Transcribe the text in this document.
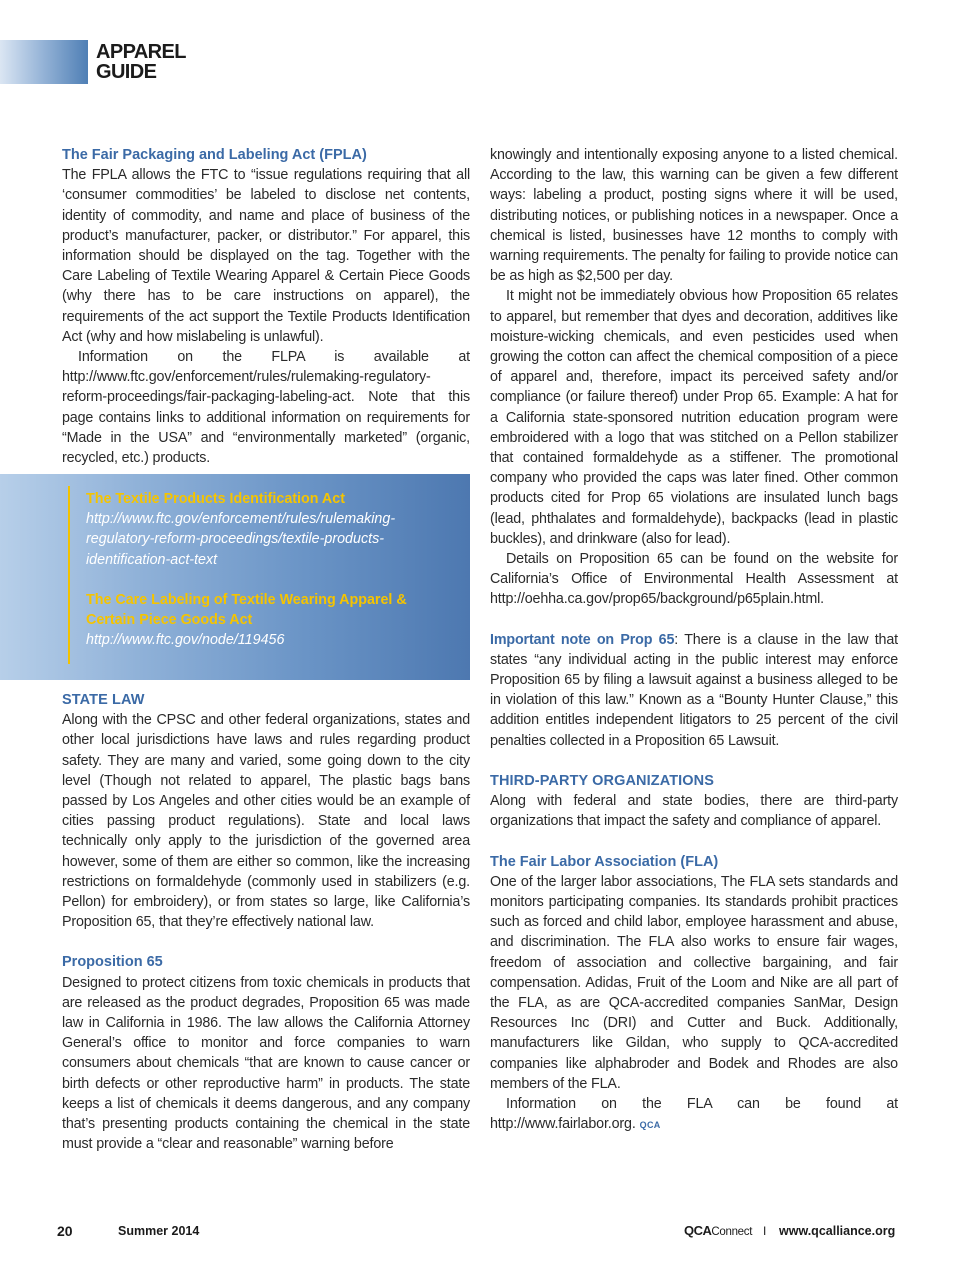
APPAREL
GUIDE
The Fair Packaging and Labeling Act (FPLA)

The FPLA allows the FTC to “issue regulations requiring that all ‘consumer commodities’ be labeled to disclose net contents, identity of commodity, and name and place of business of the product’s manufacturer, packer, or distributor.” For apparel, this information should be displayed on the tag. Together with the Care Labeling of Textile Wearing Apparel & Certain Piece Goods (why there has to be care instructions on apparel), the requirements of the act support the Textile Products Identification Act (why and how mislabeling is unlawful).

Information on the FLPA is available at http://www.ftc.gov/enforcement/rules/rulemaking-regulatory-reform-proceedings/fair-packaging-labeling-act. Note that this page contains links to additional information on requirements for “Made in the USA” and “environmentally marketed” (organic, recycled, etc.) products.

The Textile Products Identification Act
http://www.ftc.gov/enforcement/rules/rulemaking-regulatory-reform-proceedings/textile-products-identification-act-text
The Care Labeling of Textile Wearing Apparel & Certain Piece Goods Act
http://www.ftc.gov/node/119456
STATE LAW

Along with the CPSC and other federal organizations, states and other local jurisdictions have laws and rules regarding product safety. They are many and varied, some going down to the city level (Though not related to apparel, The plastic bags bans passed by Los Angeles and other cities would be an example of cities passing product regulations). State and local laws technically only apply to the jurisdiction of the governed area however, some of them are either so common, like the increasing restrictions on formaldehyde (commonly used in stabilizers (e.g. Pellon) for embroidery), or from states so large, like California’s Proposition 65, that they’re effectively national law.

Proposition 65

Designed to protect citizens from toxic chemicals in products that are released as the product degrades, Proposition 65 was made law in California in 1986. The law allows the California Attorney General’s office to monitor and force companies to warn consumers about chemicals “that are known to cause cancer or birth defects or other reproductive harm” in products. The state keeps a list of chemicals it deems dangerous, and any company that’s presenting products containing the chemical in the state must provide a “clear and reasonable” warning before

knowingly and intentionally exposing anyone to a listed chemical. According to the law, this warning can be given a few different ways: labeling a product, posting signs where it will be used, distributing notices, or publishing notices in a newspaper. Once a chemical is listed, businesses have 12 months to comply with warning requirements. The penalty for failing to provide notice can be as high as $2,500 per day.

It might not be immediately obvious how Proposition 65 relates to apparel, but remember that dyes and decoration, additives like moisture-wicking chemicals, and even pesticides used when growing the cotton can affect the chemical composition of a piece of apparel and, therefore, impact its perceived safety and/or compliance (or failure thereof) under Prop 65. Example: A hat for a California state-sponsored nutrition education program were embroidered with a logo that was stitched on a Pellon stabilizer that contained formaldehyde as a stiffener. The promotional company who provided the caps was later fined. Other common products cited for Prop 65 violations are insulated lunch bags (lead, phthalates and formaldehyde), backpacks (lead in plastic buckles), and drinkware (also for lead).

Details on Proposition 65 can be found on the website for California’s Office of Environmental Health Assessment at http://oehha.ca.gov/prop65/background/p65plain.html.

Important note on Prop 65: There is a clause in the law that states “any individual acting in the public interest may enforce Proposition 65 by filing a lawsuit against a business alleged to be in violation of this law.” Known as a “Bounty Hunter Clause,” this addition entitles independent litigators to 25 percent of the civil penalties collected in a Proposition 65 Lawsuit.

THIRD-PARTY ORGANIZATIONS

Along with federal and state bodies, there are third-party organizations that impact the safety and compliance of apparel.

The Fair Labor Association (FLA)

One of the larger labor associations, The FLA sets standards and monitors participating companies. Its standards prohibit practices such as forced and child labor, employee harassment and abuse, and discrimination. The FLA also works to ensure fair wages, freedom of association and collective bargaining, and fair compensation. Adidas, Fruit of the Loom and Nike are all part of the FLA, as are QCA-accredited companies SanMar, Design Resources Inc (DRI) and Cutter and Buck. Additionally, manufacturers like Gildan, who supply to QCA-accredited companies like alphabroder and Bodek and Rhodes are also members of the FLA.

Information on the FLA can be found at http://www.fairlabor.org. QCA

20	Summer 2014	QCAConnect I www.qcalliance.org
